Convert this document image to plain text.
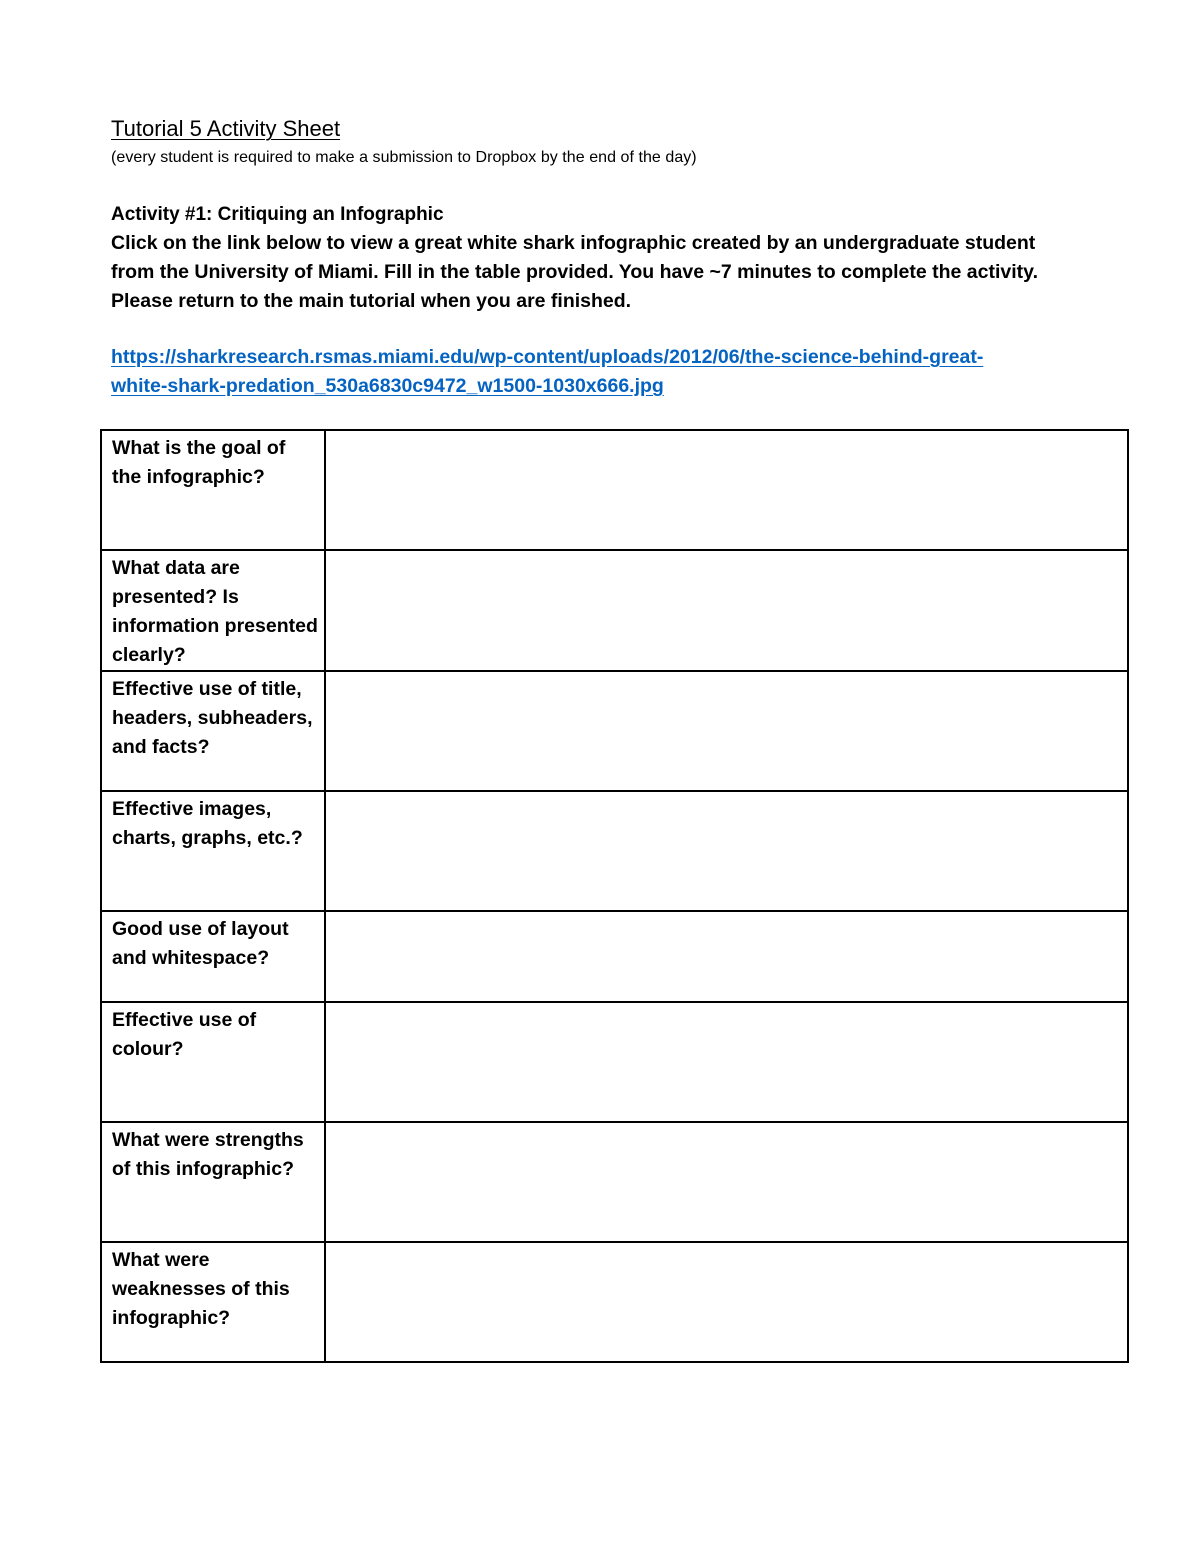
Tutorial 5 Activity Sheet
(every student is required to make a submission to Dropbox by the end of the day)
Activity #1: Critiquing an Infographic
Click on the link below to view a great white shark infographic created by an undergraduate student
from the University of Miami. Fill in the table provided. You have ~7 minutes to complete the activity.
Please return to the main tutorial when you are finished.
https://sharkresearch.rsmas.miami.edu/wp-content/uploads/2012/06/the-science-behind-great-
white-shark-predation_530a6830c9472_w1500-1030x666.jpg
What is the goal of the infographic?	
What data are presented? Is information presented clearly?	
Effective use of title, headers, subheaders, and facts?	
Effective images, charts, graphs, etc.?	
Good use of layout and whitespace?	
Effective use of colour?	
What were strengths of this infographic?	
What were weaknesses of this infographic?	
